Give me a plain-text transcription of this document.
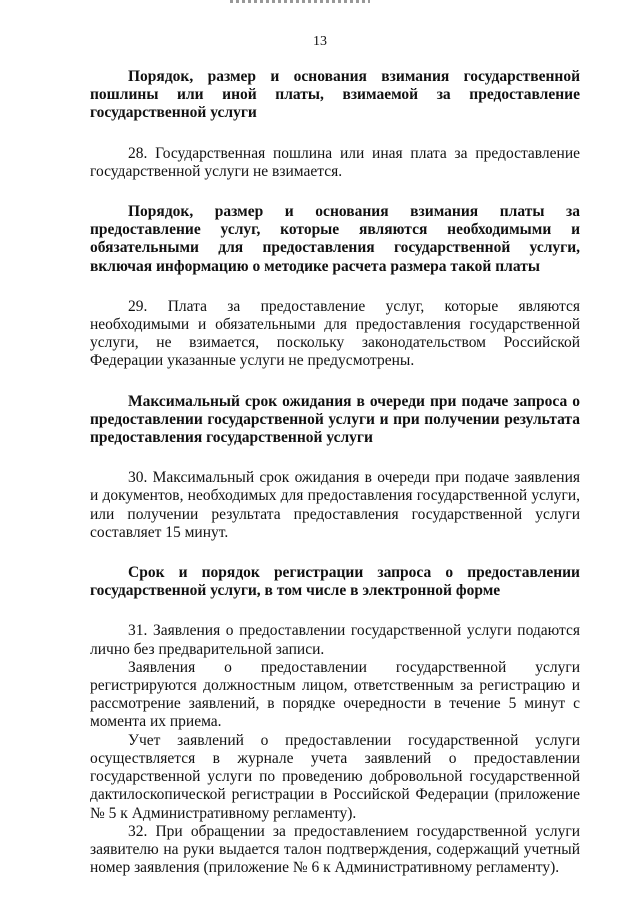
13

Порядок, размер и основания взимания государственной пошлины или иной платы, взимаемой за предоставление государственной услуги

28. Государственная пошлина или иная плата за предоставление государственной услуги не взимается.

Порядок, размер и основания взимания платы за предоставление услуг, которые являются необходимыми и обязательными для предоставления государственной услуги, включая информацию о методике расчета размера такой платы

29. Плата за предоставление услуг, которые являются необходимыми и обязательными для предоставления государственной услуги, не взимается, поскольку законодательством Российской Федерации указанные услуги не предусмотрены.

Максимальный срок ожидания в очереди при подаче запроса о предоставлении государственной услуги и при получении результата предоставления государственной услуги

30. Максимальный срок ожидания в очереди при подаче заявления и документов, необходимых для предоставления государственной услуги, или получении результата предоставления государственной услуги составляет 15 минут.

Срок и порядок регистрации запроса о предоставлении государственной услуги, в том числе в электронной форме

31. Заявления о предоставлении государственной услуги подаются лично без предварительной записи.

Заявления о предоставлении государственной услуги регистрируются должностным лицом, ответственным за регистрацию и рассмотрение заявлений, в порядке очередности в течение 5 минут с момента их приема.

Учет заявлений о предоставлении государственной услуги осуществляется в журнале учета заявлений о предоставлении государственной услуги по проведению добровольной государственной дактилоскопической регистрации в Российской Федерации (приложение № 5 к Административному регламенту).

32. При обращении за предоставлением государственной услуги заявителю на руки выдается талон подтверждения, содержащий учетный номер заявления (приложение № 6 к Административному регламенту).
